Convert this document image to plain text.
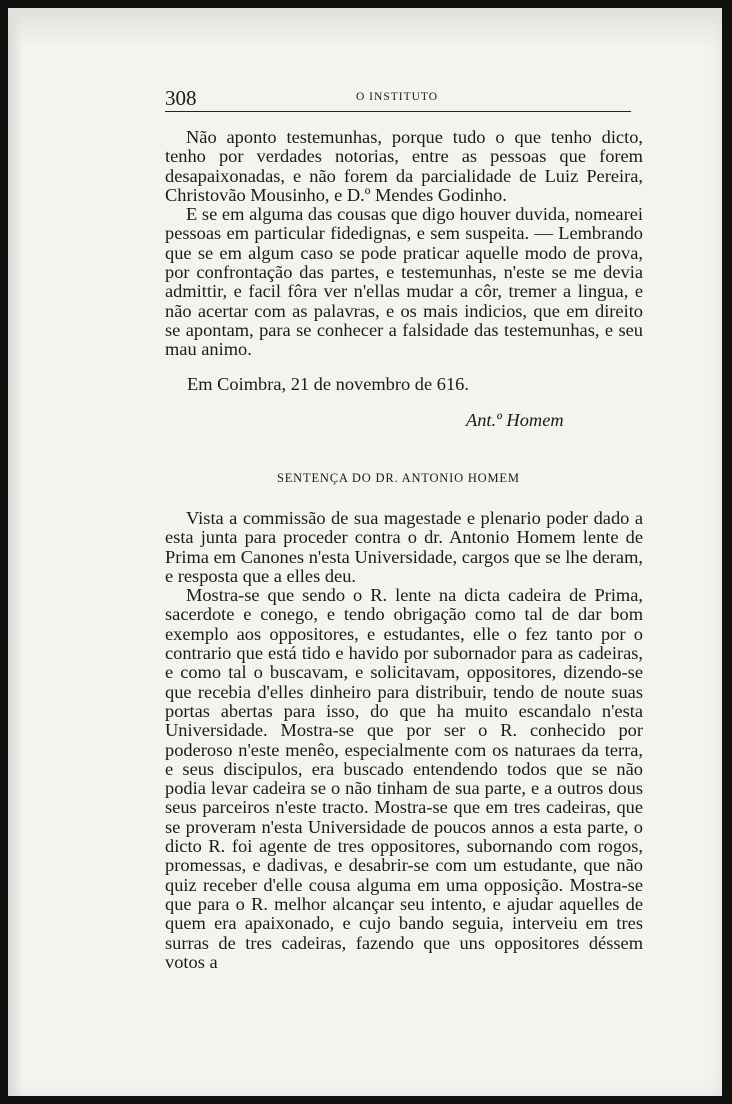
308	O INSTITUTO

Não aponto testemunhas, porque tudo o que tenho dicto, tenho por verdades notorias, entre as pessoas que forem desapaixonadas, e não forem da parcialidade de Luiz Pereira, Christovão Mousinho, e D.º Mendes Godinho.

E se em alguma das cousas que digo houver duvida, nomearei pessoas em particular fidedignas, e sem suspeita. — Lembrando que se em algum caso se pode praticar aquelle modo de prova, por confrontação das partes, e testemunhas, n'este se me devia admittir, e facil fôra ver n'ellas mudar a côr, tremer a lingua, e não acertar com as palavras, e os mais indicios, que em direito se apontam, para se conhecer a falsidade das testemunhas, e seu mau animo.

Em Coimbra, 21 de novembro de 616.
Ant.º Homem
SENTENÇA DO DR. ANTONIO HOMEM

Vista a commissão de sua magestade e plenario poder dado a esta junta para proceder contra o dr. Antonio Homem lente de Prima em Canones n'esta Universidade, cargos que se lhe deram, e resposta que a elles deu.

Mostra-se que sendo o R. lente na dicta cadeira de Prima, sacerdote e conego, e tendo obrigação como tal de dar bom exemplo aos oppositores, e estudantes, elle o fez tanto por o contrario que está tido e havido por subornador para as cadeiras, e como tal o buscavam, e solicitavam, oppositores, dizendo-se que recebia d'elles dinheiro para distribuir, tendo de noute suas portas abertas para isso, do que ha muito escandalo n'esta Universidade. Mostra-se que por ser o R. conhecido por poderoso n'este menêo, especialmente com os naturaes da terra, e seus discipulos, era buscado entendendo todos que se não podia levar cadeira se o não tinham de sua parte, e a outros dous seus parceiros n'este tracto. Mostra-se que em tres cadeiras, que se proveram n'esta Universidade de poucos annos a esta parte, o dicto R. foi agente de tres oppositores, subornando com rogos, promessas, e dadivas, e desabrir-se com um estudante, que não quiz receber d'elle cousa alguma em uma opposição. Mostra-se que para o R. melhor alcançar seu intento, e ajudar aquelles de quem era apaixonado, e cujo bando seguia, interveiu em tres surras de tres cadeiras, fazendo que uns oppositores déssem votos a
